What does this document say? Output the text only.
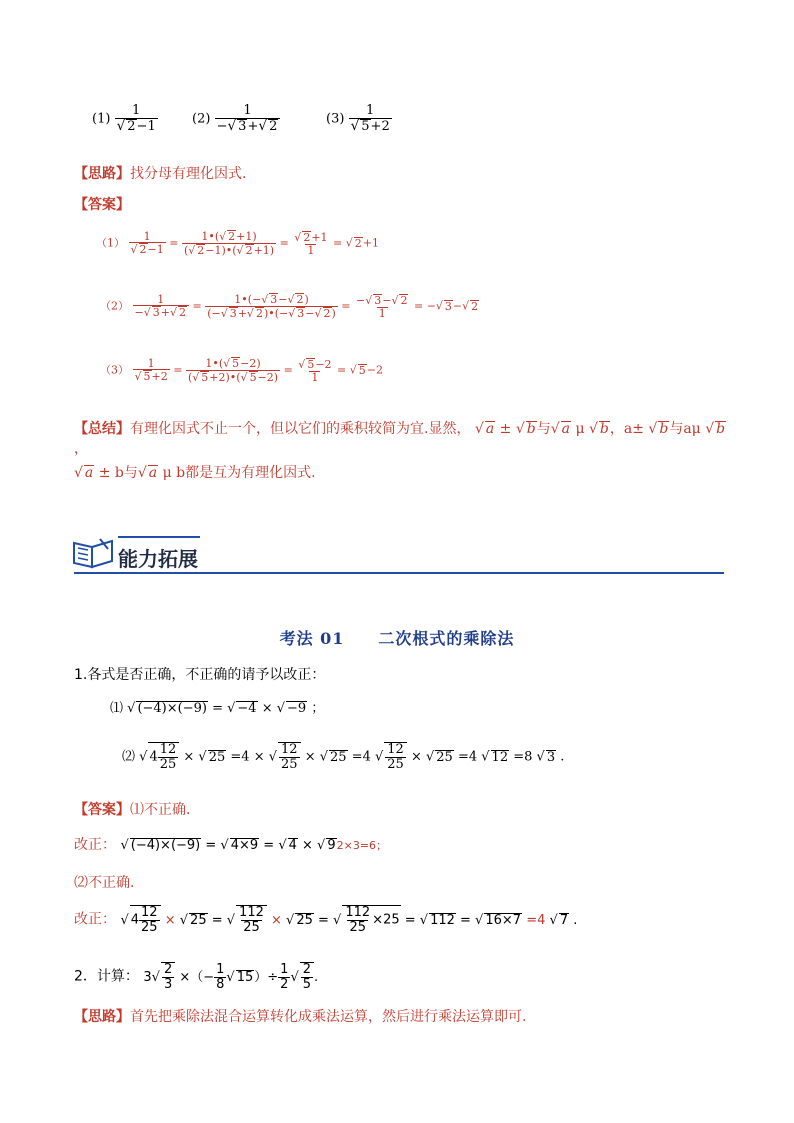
$(1) \frac{1}{√ 2-1}$	$(2) \frac{1}{-√ 3+√ 2}$	$(3) \frac{1}{√ 5+2}$
【思路】找分母有理化因式.
【答案】
$(1) \frac{1}{√ 2-1} = \frac{1•(√ 2+1)}{(√ 2-1)•(√ 2+1)} = \frac{√ 2+1}{1}$ = √ 2+1
$(2) \frac{1}{-√ 3+√ 2} = \frac{1•(-√ 3-√ 2)}{(-√ 3+√ 2)•(-√ 3-√ 2)} = \frac{-√ 3-√ 2}{1}$ = −√ 3−√ 2
$(3) \frac{1}{√ 5+2} = \frac{1•(√ 5-2)}{(√ 5+2)•(√ 5-2)} = \frac{√ 5-2}{1}$ = √ 5−2
【总结】有理化因式不止一个，但以它们的乘积较简为宜.显然， √ a ± √ b与√ a μ √ b，a± √ b与aμ √ b，
√ a ± b与√ a μ b都是互为有理化因式.
能力拓展
考法 01　　二次根式的乘除法
1.各式是否正确，不正确的请予以改正：
⑴ √ (−4)×(−9) = √ −4 × √ −9 ；
⑵ √ $4 \frac{12}{25}$ × √ 25 =4 × √ $\frac{12}{25}$ × √ 25 =4 √ $\frac{12}{25}$ × √ 25 =4 √ 12 =8 √ 3 .
【答案】⑴不正确.
改正： √ (−4)×(−9) = √ 4×9 = √ 4 × √ 92×3=6；
⑵不正确.
改正： √ $4 \frac{12}{25}$ × √ 25 = √ $\frac{112}{25}$ × √ 25 = √ $\frac{112}{25} \times 25$ = √ 112 = √ 16×7 =4 √ 7 .
2．计算： $3√ \frac{2}{3}$ ×（− $\frac{1}{8}$ √ $15)\div \frac{1}{2}$ √ $\frac{2}{5}$ .
【思路】首先把乘除法混合运算转化成乘法运算，然后进行乘法运算即可.
